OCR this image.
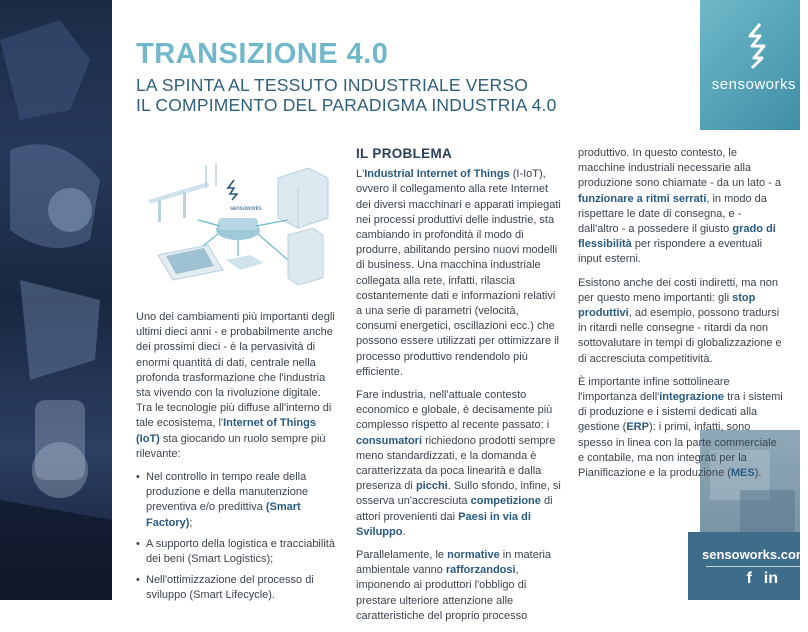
sensoworks
sensoworks.com
f in
TRANSIZIONE 4.0
LA SPINTA AL TESSUTO INDUSTRIALE VERSO
IL COMPIMENTO DEL PARADIGMA INDUSTRIA 4.0
sensoworks

Uno dei cambiamenti più importanti degli ultimi dieci anni - e probabilmente anche dei prossimi dieci - è la pervasività di enormi quantità di dati, centrale nella profonda trasformazione che l'industria sta vivendo con la rivoluzione digitale. Tra le tecnologie più diffuse all'interno di tale ecosistema, l'Internet of Things (IoT) sta giocando un ruolo sempre più rilevante:

• Nel controllo in tempo reale della produzione e della manutenzione preventiva e/o predittiva (Smart Factory);
• A supporto della logistica e tracciabilità dei beni (Smart Logistics);
• Nell'ottimizzazione del processo di sviluppo (Smart Lifecycle).
IL PROBLEMA

L'Industrial Internet of Things (I-IoT), ovvero il collegamento alla rete Internet dei diversi macchinari e apparati impiegati nei processi produttivi delle industrie, sta cambiando in profondità il modo di produrre, abilitando persino nuovi modelli di business. Una macchina industriale collegata alla rete, infatti, rilascia costantemente dati e informazioni relativi a una serie di parametri (velocità, consumi energetici, oscillazioni ecc.) che possono essere utilizzati per ottimizzare il processo produttivo rendendolo più efficiente.

Fare industria, nell'attuale contesto economico e globale, è decisamente più complesso rispetto al recente passato: i consumatori richiedono prodotti sempre meno standardizzati, e la domanda è caratterizzata da poca linearità e dalla presenza di picchi. Sullo sfondo, infine, si osserva un'accresciuta competizione di attori provenienti dai Paesi in via di Sviluppo.

Parallelamente, le normative in materia ambientale vanno rafforzandosi, imponendo ai produttori l'obbligo di prestare ulteriore attenzione alle caratteristiche del proprio processo

produttivo. In questo contesto, le macchine industriali necessarie alla produzione sono chiamate - da un lato - a funzionare a ritmi serrati, in modo da rispettare le date di consegna, e - dall'altro - a possedere il giusto grado di flessibilità per rispondere a eventuali input esterni.

Esistono anche dei costi indiretti, ma non per questo meno importanti: gli stop produttivi, ad esempio, possono tradursi in ritardi nelle consegne - ritardi da non sottovalutare in tempi di globalizzazione e di accresciuta competitività.

È importante infine sottolineare l'importanza dell'integrazione tra i sistemi di produzione e i sistemi dedicati alla gestione (ERP): i primi, infatti, sono spesso in linea con la parte commerciale e contabile, ma non integrati per la Pianificazione e la produzione (MES).
